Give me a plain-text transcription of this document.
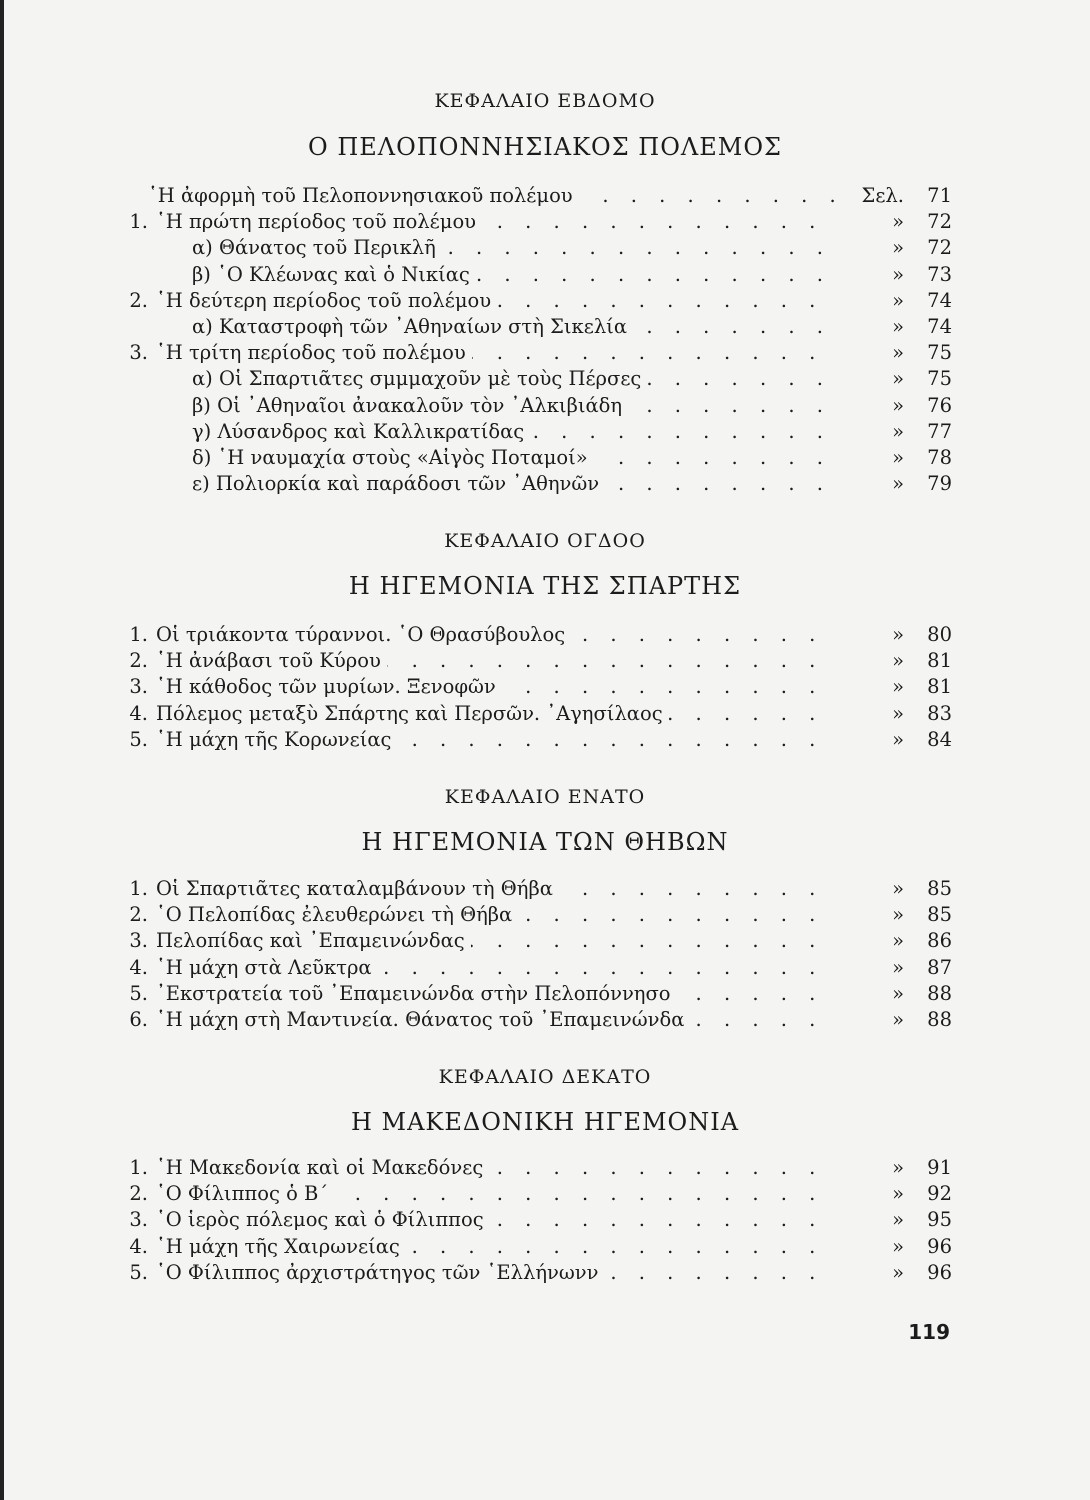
ΚΕΦΑΛΑΙΟ ΕΒΔΟΜΟ
Ο ΠΕΛΟΠΟΝΝΗΣΙΑΚΟΣ ΠΟΛΕΜΟΣ
῾Η ἀφορμὴ τοῦ Πελοποννησιακοῦ πολέμου . . .	Σελ.	71
1. ῾Η πρώτη περίοδος τοῦ πολέμου . . .	»	72
α) Θάνατος τοῦ Περικλῆ . . .	»	72
β) ῾Ο Κλέωνας καὶ ὁ Νικίας . . .	»	73
2. ῾Η δεύτερη περίοδος τοῦ πολέμου . . .	»	74
α) Καταστροφὴ τῶν ᾿Αθηναίων στὴ Σικελία . . .	»	74
3. ῾Η τρίτη περίοδος τοῦ πολέμου . . .	»	75
α) Οἱ Σπαρτιᾶτες σμμμαχοῦν μὲ τοὺς Πέρσες . . .	»	75
β) Οἱ ᾿Αθηναῖοι ἀνακαλοῦν τὸν ᾿Αλκιβιάδη . . .	»	76
γ) Λύσανδρος καὶ Καλλικρατίδας . . .	»	77
δ) ῾Η ναυμαχία στοὺς «Αἰγὸς Ποταμοί» . . .	»	78
ε) Πολιορκία καὶ παράδοσι τῶν ᾿Αθηνῶν . . .	»	79
ΚΕΦΑΛΑΙΟ ΟΓΔΟΟ
Η ΗΓΕΜΟΝΙΑ ΤΗΣ ΣΠΑΡΤΗΣ
1. Οἱ τριάκοντα τύραννοι. ῾Ο Θρασύβουλος . . .	»	80
2. ῾Η ἀνάβασι τοῦ Κύρου . . .	»	81
3. ῾Η κάθοδος τῶν μυρίων. Ξενοφῶν . . .	»	81
4. Πόλεμος μεταξὺ Σπάρτης καὶ Περσῶν. ᾿Αγησίλαος . . .	»	83
5. ῾Η μάχη τῆς Κορωνείας . . .	»	84
ΚΕΦΑΛΑΙΟ ΕΝΑΤΟ
Η ΗΓΕΜΟΝΙΑ ΤΩΝ ΘΗΒΩΝ
1. Οἱ Σπαρτιᾶτες καταλαμβάνουν τὴ Θήβα . . .	»	85
2. ῾Ο Πελοπίδας ἐλευθερώνει τὴ Θήβα . . .	»	85
3. Πελοπίδας καὶ ᾿Επαμεινώνδας . . .	»	86
4. ῾Η μάχη στὰ Λεῦκτρα . . .	»	87
5. ᾿Εκστρατεία τοῦ ᾿Επαμεινώνδα στὴν Πελοπόννησο . . .	»	88
6. ῾Η μάχη στὴ Μαντινεία. Θάνατος τοῦ ᾿Επαμεινώνδα . . .	»	88
ΚΕΦΑΛΑΙΟ ΔΕΚΑΤΟ
Η ΜΑΚΕΔΟΝΙΚΗ ΗΓΕΜΟΝΙΑ
1. ῾Η Μακεδονία καὶ οἱ Μακεδόνες . . .	»	91
2. ῾Ο Φίλιππος ὁ Β΄ . . .	»	92
3. ῾Ο ἱερὸς πόλεμος καὶ ὁ Φίλιππος . . .	»	95
4. ῾Η μάχη τῆς Χαιρωνείας . . .	»	96
5. ῾Ο Φίλιππος ἀρχιστράτηγος τῶν ῾Ελλήνωνν . . .	»	96
119
